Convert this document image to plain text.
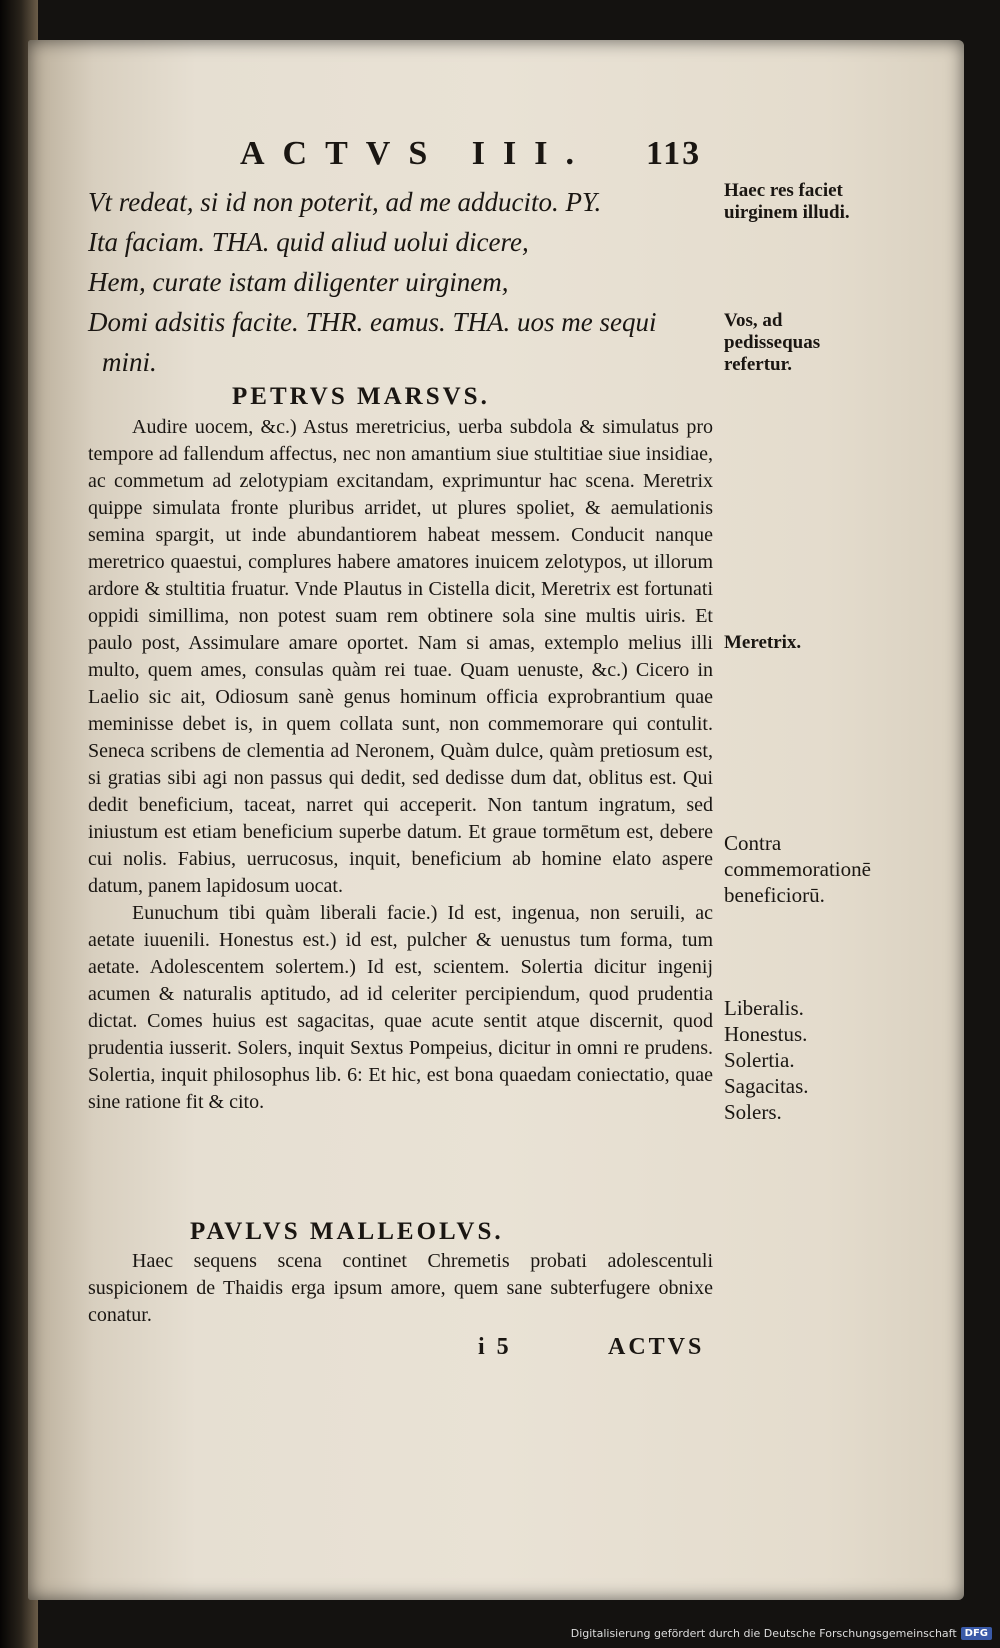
ACTVS III. 113
Vt redeat, si id non poterit, ad me adducito. PY.
Ita faciam. THA. quid aliud uolui dicere,
Hem, curate istam diligenter uirginem,
Domi adsitis facite. THR. eamus. THA. uos me sequi
mini.
PETRVS MARSVS.

Audire uocem, &c.) Astus meretricius, uerba subdola & simulatus pro tempore ad fallendum affectus, nec non amantium siue stultitiae siue insidiae, ac commetum ad zelotypiam excitandam, exprimuntur hac scena. Meretrix quippe simulata fronte pluribus arridet, ut plures spoliet, & aemulationis semina spargit, ut inde abundantiorem habeat messem. Conducit nanque meretrico quaestui, complures habere amatores inuicem zelotypos, ut illorum ardore & stultitia fruatur. Vnde Plautus in Cistella dicit, Meretrix est fortunati oppidi simillima, non potest suam rem obtinere sola sine multis uiris. Et paulo post, Assimulare amare oportet. Nam si amas, extemplo melius illi multo, quem ames, consulas quàm rei tuae. Quam uenuste, &c.) Cicero in Laelio sic ait, Odiosum sanè genus hominum officia exprobrantium quae meminisse debet is, in quem collata sunt, non commemorare qui contulit. Seneca scribens de clementia ad Neronem, Quàm dulce, quàm pretiosum est, si gratias sibi agi non passus qui dedit, sed dedisse dum dat, oblitus est. Qui dedit beneficium, taceat, narret qui acceperit. Non tantum ingratum, sed iniustum est etiam beneficium superbe datum. Et graue tormētum est, debere cui nolis. Fabius, uerrucosus, inquit, beneficium ab homine elato aspere datum, panem lapidosum uocat.

Eunuchum tibi quàm liberali facie.) Id est, ingenua, non seruili, ac aetate iuuenili. Honestus est.) id est, pulcher & uenustus tum forma, tum aetate. Adolescentem solertem.) Id est, scientem. Solertia dicitur ingenij acumen & naturalis aptitudo, ad id celeriter percipiendum, quod prudentia dictat. Comes huius est sagacitas, quae acute sentit atque discernit, quod prudentia iusserit. Solers, inquit Sextus Pompeius, dicitur in omni re prudens. Solertia, inquit philosophus lib. 6: Et hic, est bona quaedam coniectatio, quae sine ratione fit & cito.

PAVLVS MALLEOLVS.

Haec sequens scena continet Chremetis probati adolescentuli suspicionem de Thaidis erga ipsum amore, quem sane subterfugere obnixe conatur.

Haec res faciet uirginem illudi.
Vos, ad pedissequas refertur.
Meretrix.
Contra commemorationē beneficiorū.
Liberalis.
Honestus.
Solertia.
Sagacitas.
Solers.
i 5	ACTVS
Digitalisierung gefördert durch die Deutsche Forschungsgemeinschaft DFG
